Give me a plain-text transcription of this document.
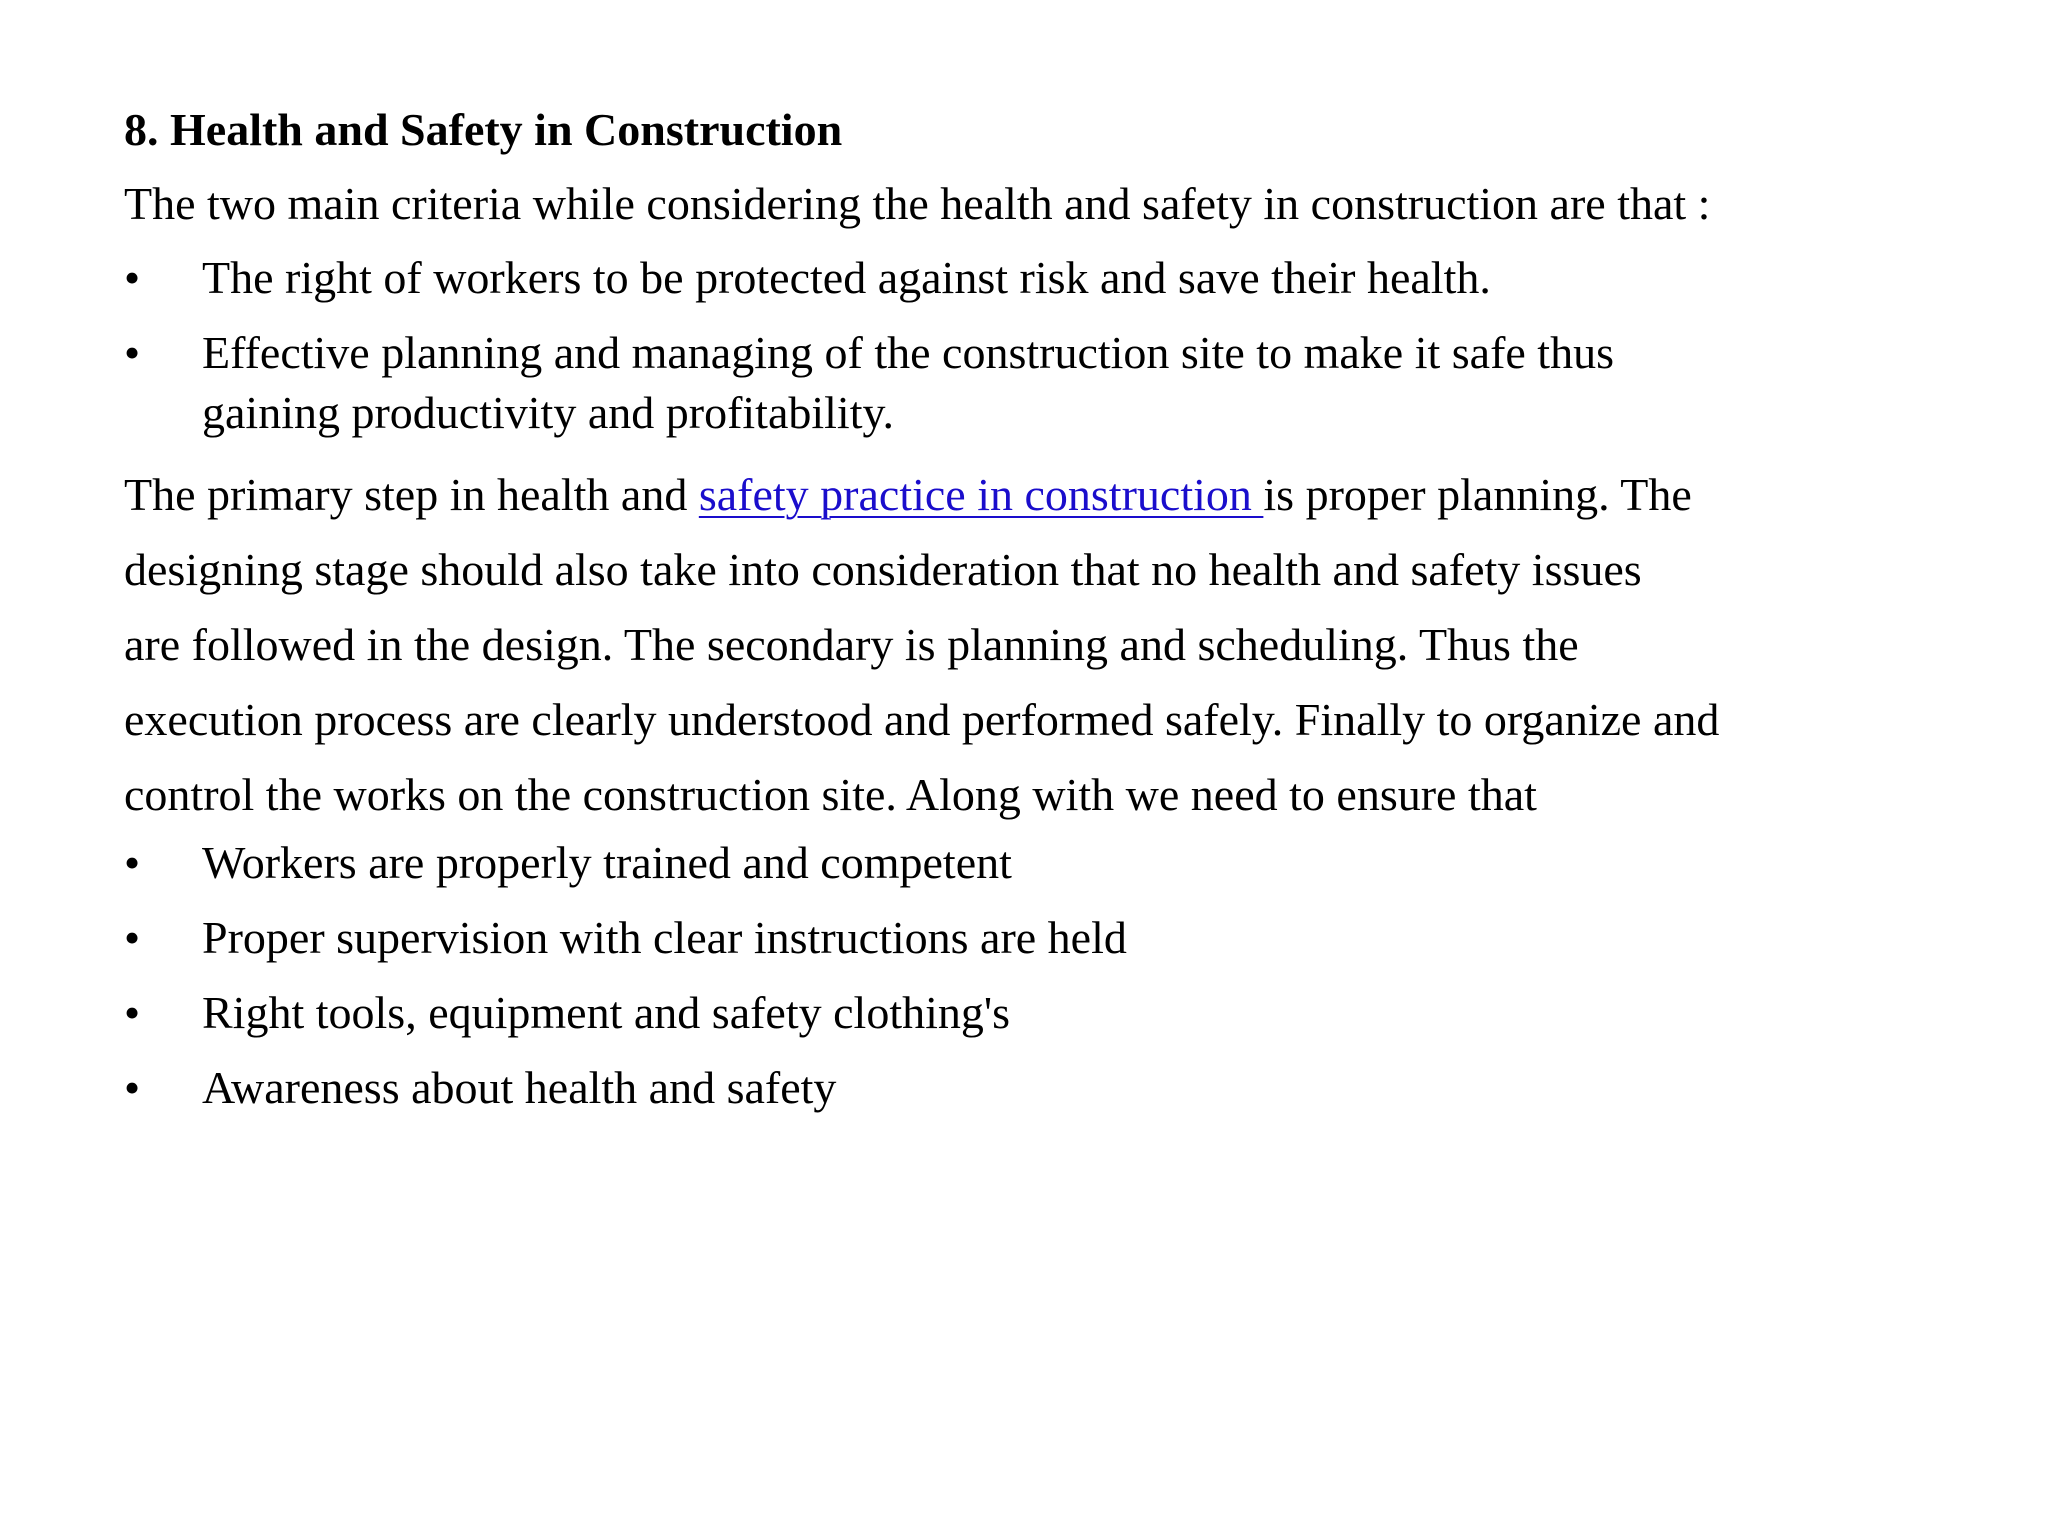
8. Health and Safety in Construction
The two main criteria while considering the health and safety in construction are that :
• The right of workers to be protected against risk and save their health.
• Effective planning and managing of the construction site to make it safe thus
gaining productivity and profitability.
The primary step in health and safety practice in construction is proper planning. The
designing stage should also take into consideration that no health and safety issues
are followed in the design. The secondary is planning and scheduling. Thus the
execution process are clearly understood and performed safely. Finally to organize and
control the works on the construction site. Along with we need to ensure that
• Workers are properly trained and competent
• Proper supervision with clear instructions are held
• Right tools, equipment and safety clothing's
• Awareness about health and safety
